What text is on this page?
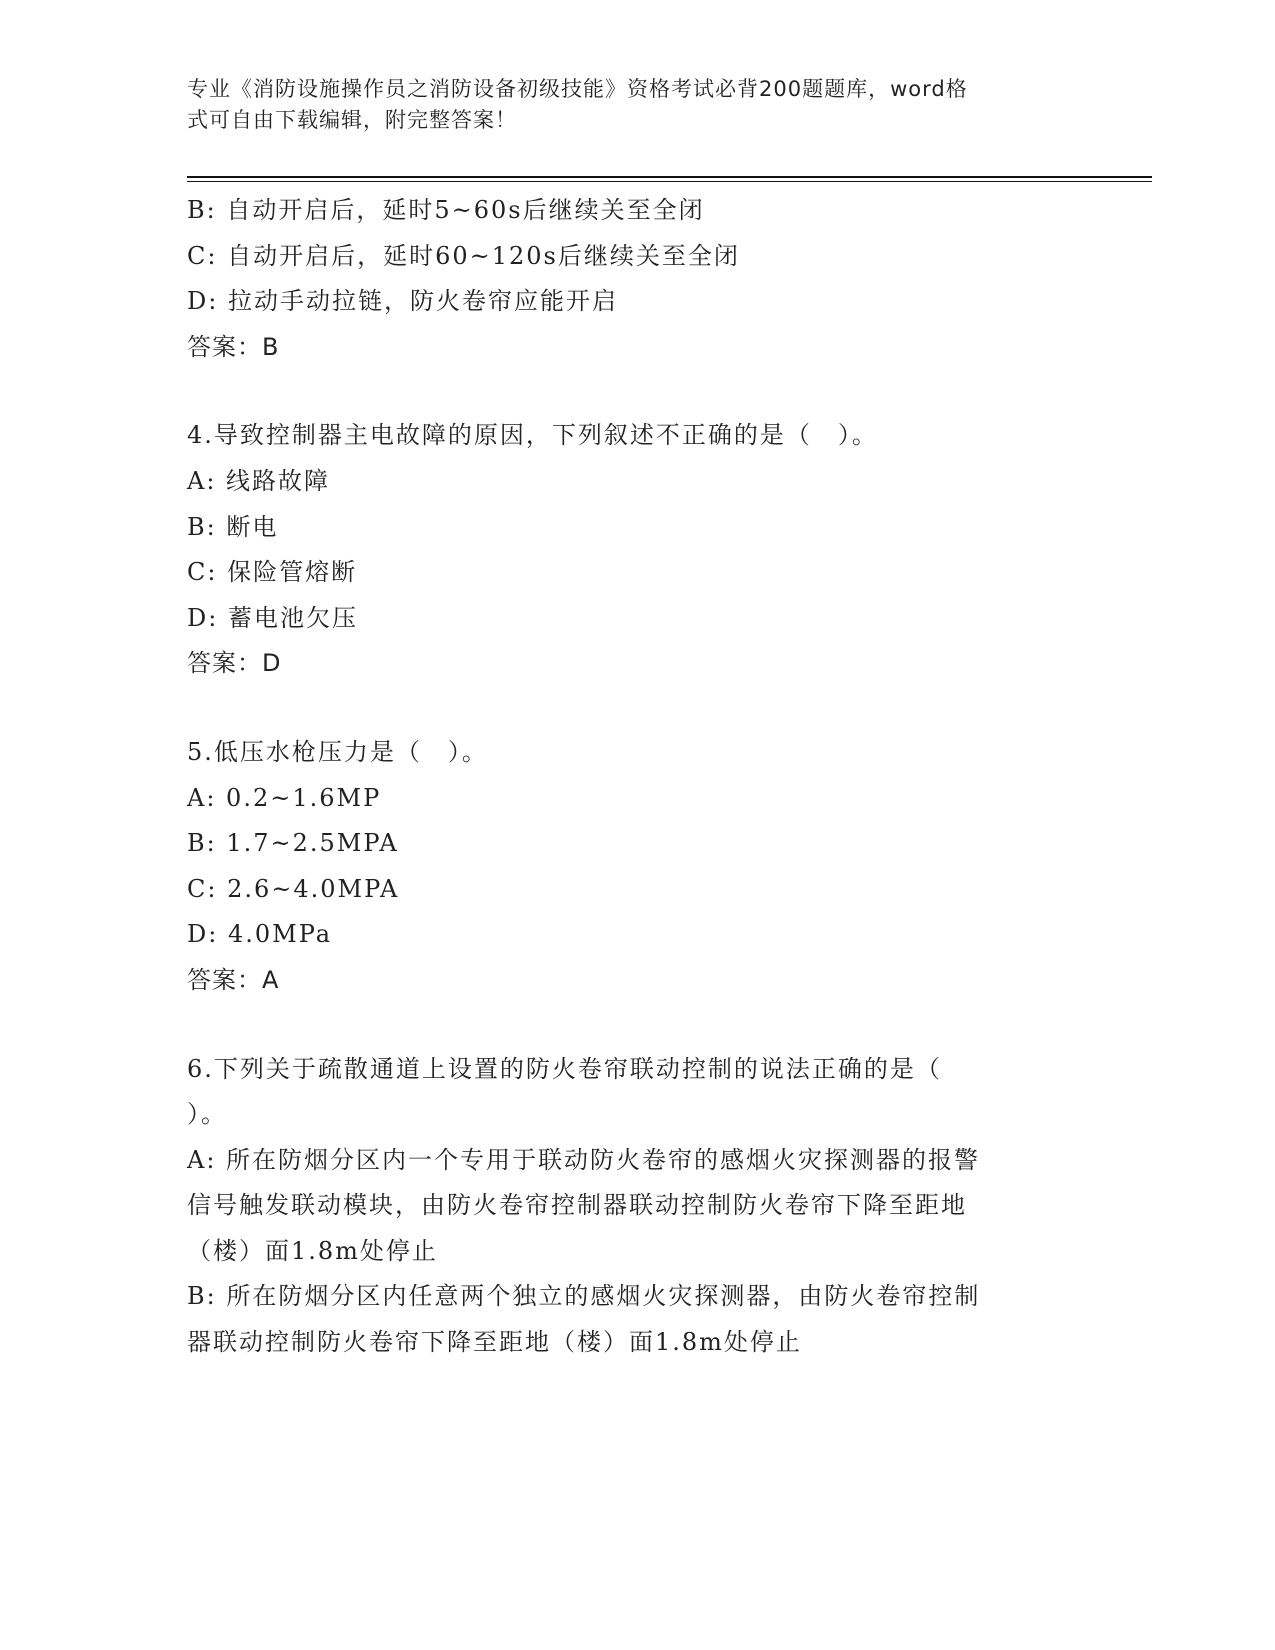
专业《消防设施操作员之消防设备初级技能》资格考试必背200题题库，word格
式可自由下载编辑，附完整答案！
B: 自动开启后，延时5~60s后继续关至全闭
C: 自动开启后，延时60~120s后继续关至全闭
D: 拉动手动拉链，防火卷帘应能开启
答案：B
4.导致控制器主电故障的原因，下列叙述不正确的是（　）。
A: 线路故障
B: 断电
C: 保险管熔断
D: 蓄电池欠压
答案：D
5.低压水枪压力是（　）。
A: 0.2~1.6MP
B: 1.7~2.5MPA
C: 2.6~4.0MPA
D: 4.0MPa
答案：A
6.下列关于疏散通道上设置的防火卷帘联动控制的说法正确的是（
）。
A: 所在防烟分区内一个专用于联动防火卷帘的感烟火灾探测器的报警
信号触发联动模块，由防火卷帘控制器联动控制防火卷帘下降至距地
（楼）面1.8m处停止
B: 所在防烟分区内任意两个独立的感烟火灾探测器，由防火卷帘控制
器联动控制防火卷帘下降至距地（楼）面1.8m处停止
